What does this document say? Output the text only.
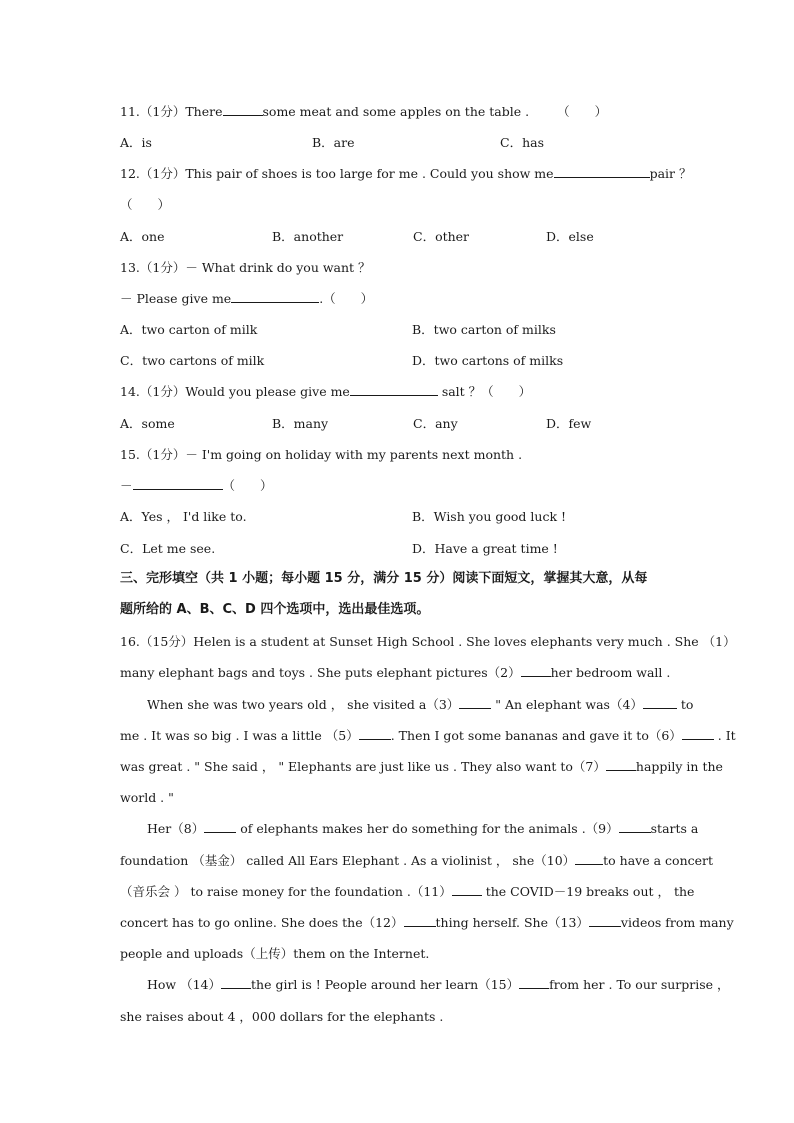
11.（1分）There	some meat and some apples on the table . （　　）
A．is	B．are	C．has
12.（1分）This pair of shoes is too large for me . Could you show me	pair ？
（　　）
A．one	B．another	C．other	D．else
13.（1分）－ What drink do you want ？
－ Please give me	.（　　）
A．two carton of milk	B．two carton of milks
C．two cartons of milk	D．two cartons of milks
14.（1分）Would you please give me	salt ？（　　）
A．some	B．many	C．any	D．few
15.（1分）－ I'm going on holiday with my parents next month .
－	（　　）
A．Yes ， I'd like to.	B．Wish you good luck !
C．Let me see.	D．Have a great time !
三、完形填空（共 1 小题；每小题 15 分，满分 15 分）阅读下面短文，掌握其大意，从每
题所给的 A、B、C、D 四个选项中，选出最佳选项。
16.（15分）Helen is a student at Sunset High School . She loves elephants very much . She （1）
many elephant bags and toys . She puts elephant pictures（2） her bedroom wall .
When she was two years old ， she visited a（3）	" An elephant was（4）	to
me . It was so big . I was a little （5）	. Then I got some bananas and gave it to（6）	. It
was great . " She said ， " Elephants are just like us . They also want to（7） happily in the
world . "
Her（8）	of elephants makes her do something for the animals .（9）	starts a
foundation （基金） called All Ears Elephant . As a violinist ， she（10） to have a concert
（音乐会 ） to raise money for the foundation .（11）	the COVID－19 breaks out ， the
concert has to go online. She does the（12）	thing herself. She（13）	videos from many
people and uploads（上传）them on the Internet.
How （14） the girl is ! People around her learn（15） from her . To our surprise ，
she raises about 4 ，000 dollars for the elephants .
